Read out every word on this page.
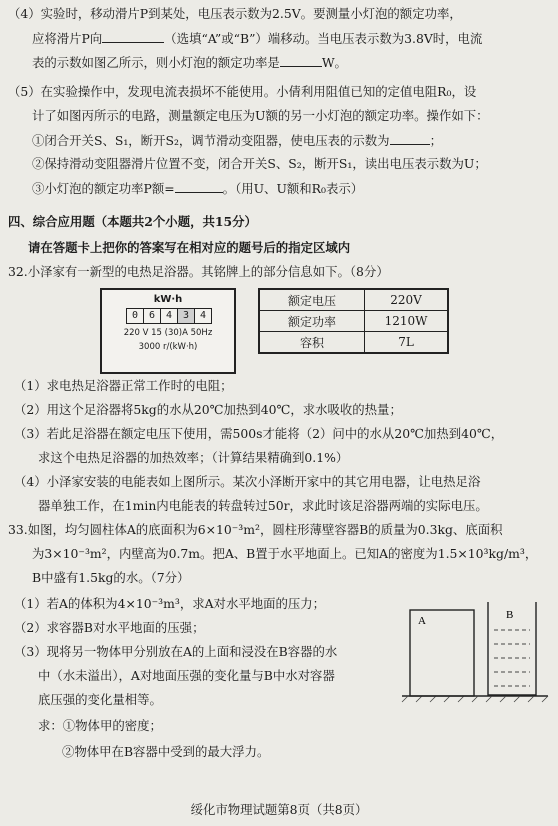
（4）实验时，移动滑片P到某处，电压表示数为2.5V。要测量小灯泡的额定功率，
应将滑片P向	（选填“A”或“B”）端移动。当电压表示数为3.8V时，电流
表的示数如图乙所示，则小灯泡的额定功率是	W。
（5）在实验操作中，发现电流表损坏不能使用。小倩利用阻值已知的定值电阻R₀，设
计了如图丙所示的电路，测量额定电压为U额的另一小灯泡的额定功率。操作如下：
①闭合开关S、S₁，断开S₂，调节滑动变阻器，使电压表的示数为	；
②保持滑动变阻器滑片位置不变，闭合开关S、S₂，断开S₁，读出电压表示数为U；
③小灯泡的额定功率P额=	。（用U、U额和R₀表示）
四、综合应用题（本题共2个小题，共15分）
请在答题卡上把你的答案写在相对应的题号后的指定区域内
32.小泽家有一新型的电热足浴器。其铭牌上的部分信息如下。（8分）
kW·h
0	6	4	3	4
220 V 15 (30)A 50Hz
3000 r/(kW·h)
额定电压	220V
额定功率	1210W
容积	7L
（1）求电热足浴器正常工作时的电阻；
（2）用这个足浴器将5kg的水从20℃加热到40℃，求水吸收的热量；
（3）若此足浴器在额定电压下使用，需500s才能将（2）问中的水从20℃加热到40℃，
求这个电热足浴器的加热效率；（计算结果精确到0.1%）
（4）小泽家安装的电能表如上图所示。某次小泽断开家中的其它用电器，让电热足浴
器单独工作，在1min内电能表的转盘转过50r，求此时该足浴器两端的实际电压。
33.如图，均匀圆柱体A的底面积为6×10⁻³m²，圆柱形薄壁容器B的质量为0.3kg、底面积
为3×10⁻³m²，内壁高为0.7m。把A、B置于水平地面上。已知A的密度为1.5×10³kg/m³，
B中盛有1.5kg的水。（7分）
（1）若A的体积为4×10⁻³m³，求A对水平地面的压力；
（2）求容器B对水平地面的压强；
（3）现将另一物体甲分别放在A的上面和浸没在B容器的水
中（水未溢出），A对地面压强的变化量与B中水对容器
底压强的变化量相等。
求：①物体甲的密度；
②物体甲在B容器中受到的最大浮力。
A	B
绥化市物理试题第8页（共8页）
